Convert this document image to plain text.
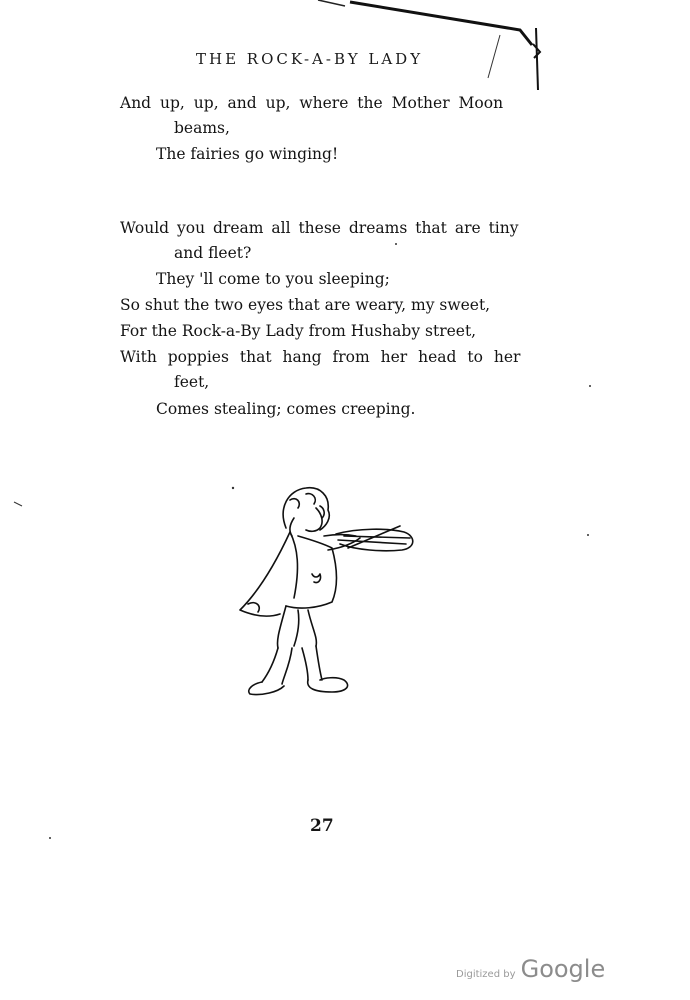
THE ROCK-A-BY LADY
And up, up, and up, where the Mother Moon
beams,
The fairies go winging!
Would you dream all these dreams that are tiny
and fleet?
They 'll come to you sleeping;
So shut the two eyes that are weary, my sweet,
For the Rock-a-By Lady from Hushaby street,
With poppies that hang from her head to her
feet,
Comes stealing; comes creeping.
27
Digitized by Google
